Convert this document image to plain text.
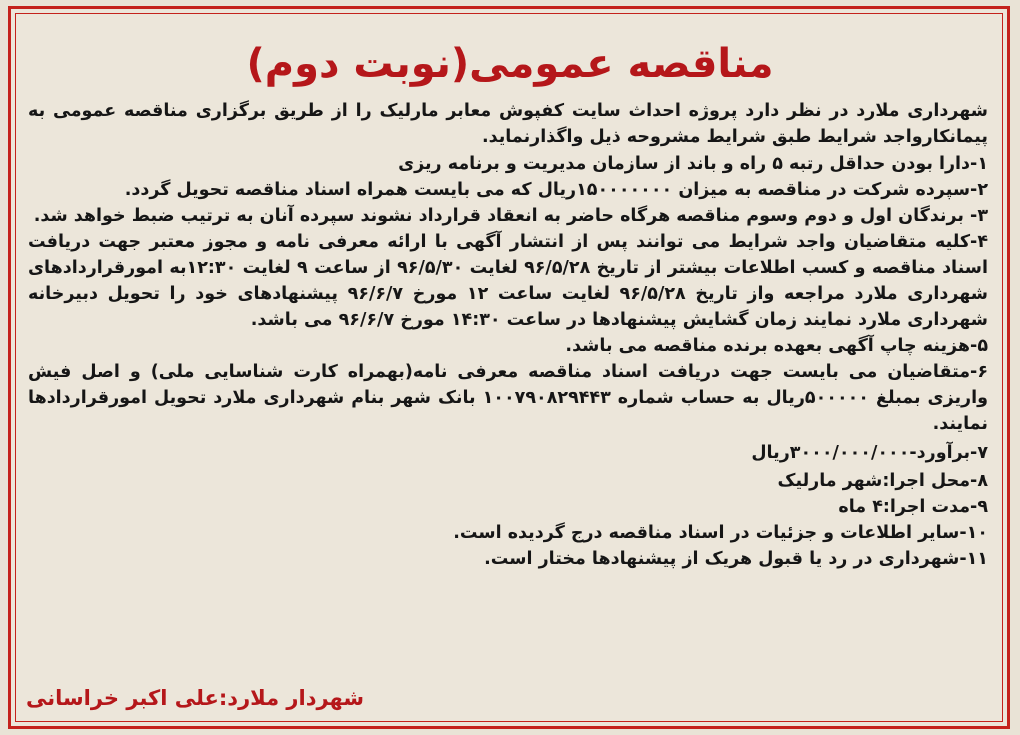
مناقصه عمومی(نوبت دوم)

شهرداری ملارد در نظر دارد پروژه احداث سایت کفپوش معابر مارلیک را از طریق برگزاری مناقصه عمومی به پیمانکارواجد شرایط طبق شرایط مشروحه ذیل واگذارنماید.

۱-دارا بودن حداقل رتبه ۵ راه و باند از سازمان مدیریت و برنامه ریزی

۲-سپرده شرکت در مناقصه به میزان ۱۵۰۰۰۰۰۰۰ریال که می بایست همراه اسناد مناقصه تحویل گردد.

۳- برندگان اول و دوم وسوم مناقصه هرگاه حاضر به انعقاد قرارداد نشوند سپرده آنان به ترتیب ضبط خواهد شد.

۴-کلیه متقاضیان واجد شرایط می توانند پس از انتشار آگهی با ارائه معرفی نامه و مجوز معتبر جهت دریافت اسناد مناقصه و کسب اطلاعات بیشتر از تاریخ ۹۶/۵/۲۸ لغایت ۹۶/۵/۳۰ از ساعت ۹ لغایت ۱۲:۳۰به امورقراردادهای شهرداری ملارد مراجعه واز تاریخ ۹۶/۵/۲۸ لغایت ساعت ۱۲ مورخ ۹۶/۶/۷ پیشنهادهای خود را تحویل دبیرخانه شهرداری ملارد نمایند زمان گشایش پیشنهادها در ساعت ۱۴:۳۰ مورخ ۹۶/۶/۷ می باشد.

۵-هزینه چاپ آگهی بعهده برنده مناقصه می باشد.

۶-متقاضیان می بایست جهت دریافت اسناد مناقصه معرفی نامه(بهمراه کارت شناسایی ملی) و اصل فیش واریزی بمبلغ ۵۰۰۰۰۰ریال به حساب شماره ۱۰۰۷۹۰۸۲۹۴۴۳ بانک شهر بنام شهرداری ملارد تحویل امورقراردادها نمایند.

۷-برآورد-۳۰۰۰/۰۰۰/۰۰۰ریال

۸-محل اجرا:شهر مارلیک

۹-مدت اجرا:۴ ماه

۱۰-سایر اطلاعات و جزئیات در اسناد مناقصه درج گردیده است.

۱۱-شهرداری در رد یا قبول هریک از پیشنهادها مختار است.

شهردار ملارد:علی اکبر خراسانی
